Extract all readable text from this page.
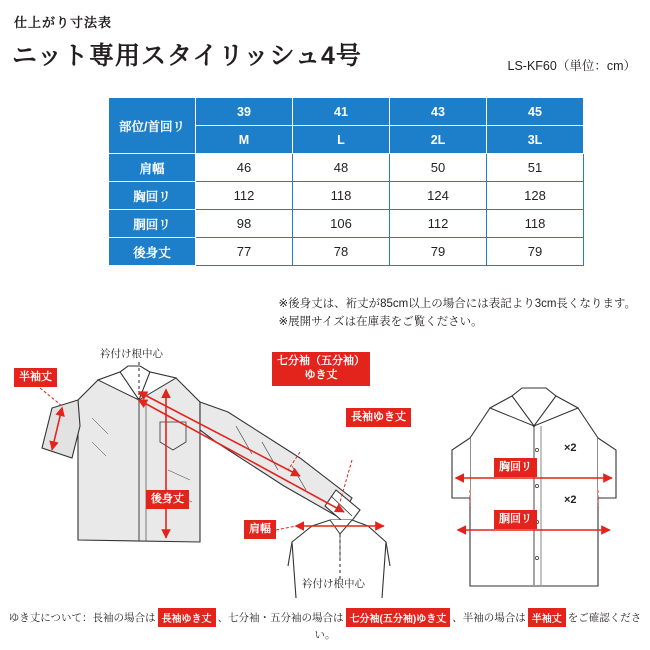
仕上がり寸法表
ニット専用スタイリッシュ4号	LS-KF60（単位：cm）
部位/首回リ	39	41	43	45
	M	L	2L	3L
肩幅	46	48	50	51
胸回リ	112	118	124	128
胴回リ	98	106	112	118
後身丈	77	78	79	79
※後身丈は、裄丈が85cm以上の場合には表記より3cm長くなります。
※展開サイズは在庫表をご覧ください。
衿付け根中心
半袖丈
七分袖（五分袖）
ゆき丈
長袖ゆき丈
後身丈
肩幅
衿付け根中心
×2
胸回リ
×2
胴回リ
ゆき丈について：長袖の場合は 長袖ゆき丈 、七分袖・五分袖の場合は 七分袖(五分袖)ゆき丈 、半袖の場合は 半袖丈 をご確認ください。
